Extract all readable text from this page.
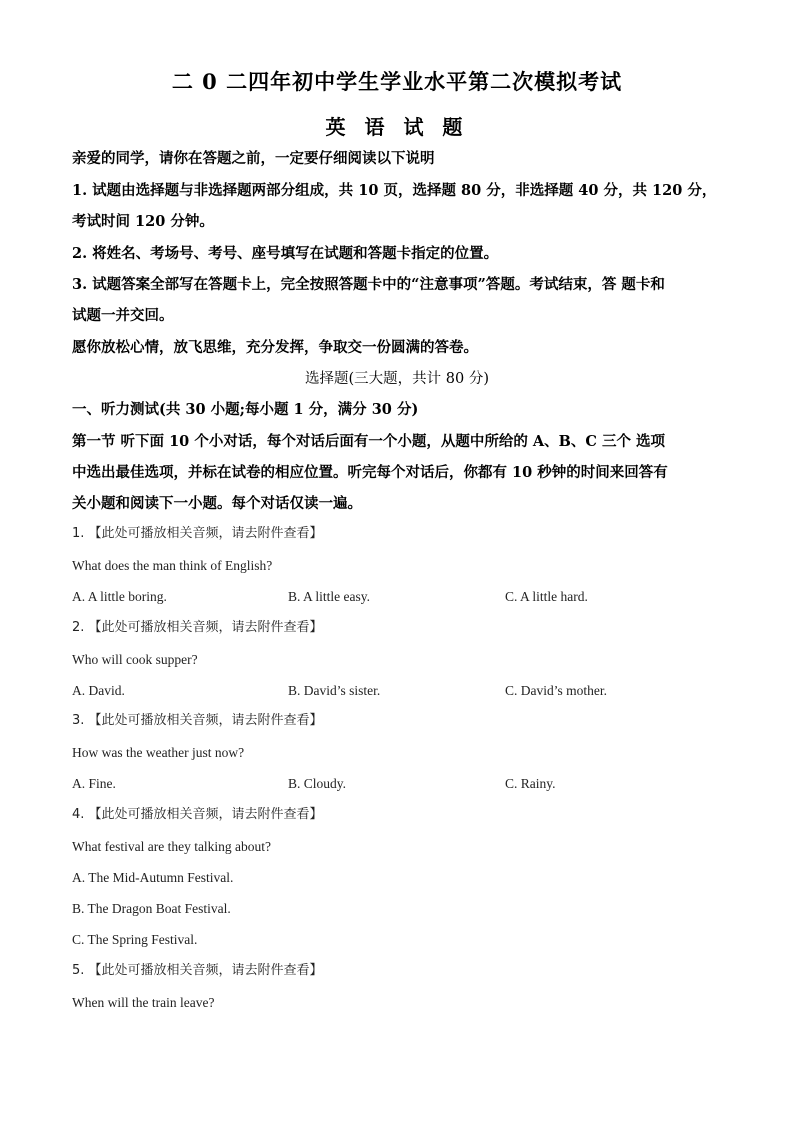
二 0 二四年初中学生学业水平第二次模拟考试
英 语 试 题
亲爱的同学，请你在答题之前，一定要仔细阅读以下说明
1. 试题由选择题与非选择题两部分组成，共 10 页，选择题 80 分，非选择题 40 分，共 120 分，
考试时间 120 分钟。
2. 将姓名、考场号、考号、座号填写在试题和答题卡指定的位置。
3. 试题答案全部写在答题卡上，完全按照答题卡中的“注意事项”答题。考试结束，答 题卡和
试题一并交回。
愿你放松心情，放飞思维，充分发挥，争取交一份圆满的答卷。
选择题(三大题，共计 80 分)
一、听力测试(共 30 小题;每小题 1 分，满分 30 分)
第一节 听下面 10 个小对话，每个对话后面有一个小题，从题中所给的 A、B、C 三个 选项
中选出最佳选项，并标在试卷的相应位置。听完每个对话后，你都有 10 秒钟的时间来回答有
关小题和阅读下一小题。每个对话仅读一遍。
1. 【此处可播放相关音频，请去附件查看】
What does the man think of English?
A. A little boring.	B. A little easy.	C. A little hard.
2. 【此处可播放相关音频，请去附件查看】
Who will cook supper?
A. David.	B. David’s sister.	C. David’s mother.
3. 【此处可播放相关音频，请去附件查看】
How was the weather just now?
A. Fine.	B. Cloudy.	C. Rainy.
4. 【此处可播放相关音频，请去附件查看】
What festival are they talking about?
A. The Mid-Autumn Festival.
B. The Dragon Boat Festival.
C. The Spring Festival.
5. 【此处可播放相关音频，请去附件查看】
When will the train leave?
